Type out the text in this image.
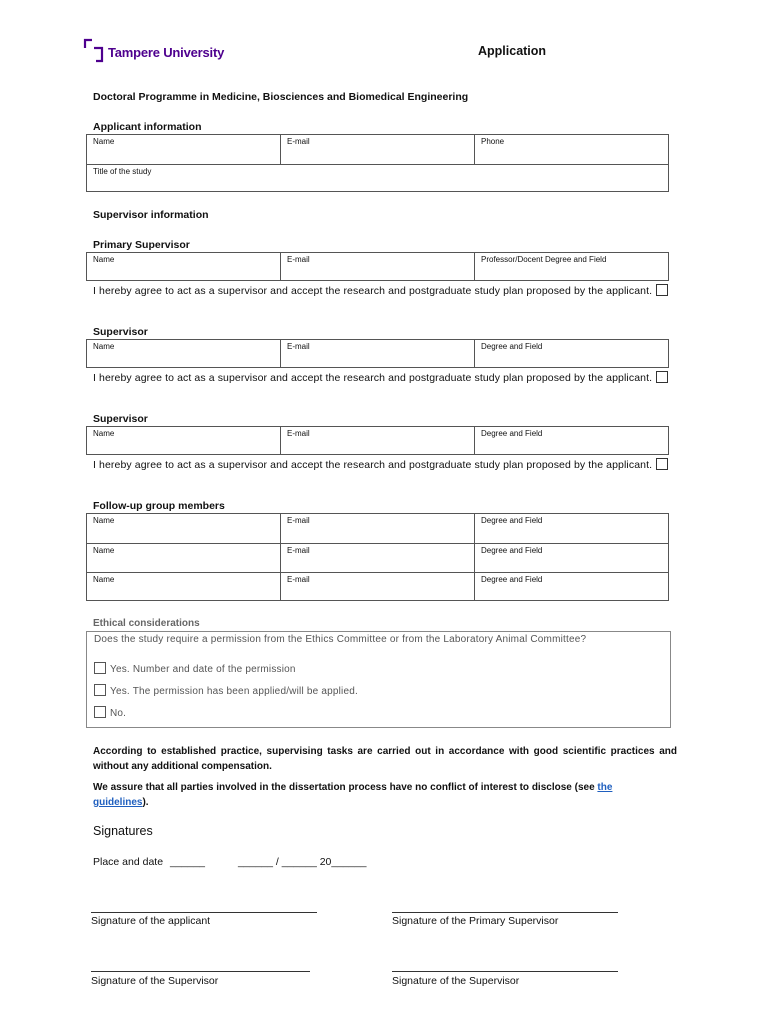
Tampere University	Application
Doctoral Programme in Medicine, Biosciences and Biomedical Engineering
Applicant information
Name	E-mail	Phone
Title of the study
Supervisor information
Primary Supervisor
Name	E-mail	Professor/Docent Degree and Field
I hereby agree to act as a supervisor and accept the research and postgraduate study plan proposed by the applicant.
Supervisor
Name	E-mail	Degree and Field
I hereby agree to act as a supervisor and accept the research and postgraduate study plan proposed by the applicant.
Supervisor
Name	E-mail	Degree and Field
I hereby agree to act as a supervisor and accept the research and postgraduate study plan proposed by the applicant.
Follow-up group members
Name	E-mail	Degree and Field
Name	E-mail	Degree and Field
Name	E-mail	Degree and Field
Ethical considerations
Does the study require a permission from the Ethics Committee or from the Laboratory Animal Committee?
Yes. Number and date of the permission
Yes. The permission has been applied/will be applied.
No.
According to established practice, supervising tasks are carried out in accordance with good scientific practices and without any additional compensation.
We assure that all parties involved in the dissertation process have no conflict of interest to disclose (see the
guidelines).
Signatures
Place and date ______	______ / ______ 20______
Signature of the applicant	Signature of the Primary Supervisor
Signature of the Supervisor	Signature of the Supervisor
